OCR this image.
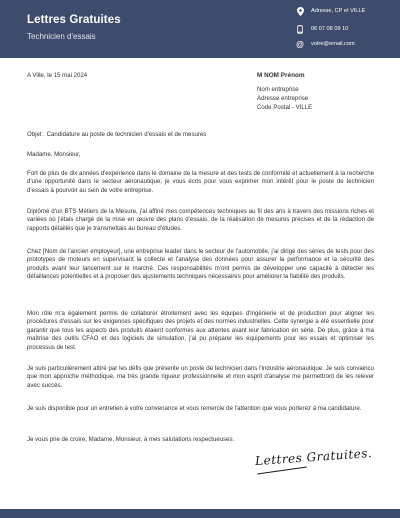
Lettres Gratuites
Technicien d'essais
Adresse, CP et VILLE
06 07 08 09 10
@ votre@email.com
A Ville, le 15 mai 2024	M NOM Prénom
Nom entreprise
Adresse entreprise
Code Postal - VILLE
Objet : Candidature au poste de technicien d'essais et de mesures
Madame, Monsieur,
Fort de plus de dix années d'expérience dans le domaine de la mesure et des tests de conformité et actuellement à la recherche d'une opportunité dans le secteur aéronautique, je vous écris pour vous exprimer mon intérêt pour le poste de technicien d'essais à pourvoir au sein de votre entreprise.
Diplômé d'un BTS Métiers de la Mesure, j'ai affiné mes compétences techniques au fil des ans à travers des missions riches et variées où j'étais chargé de la mise en œuvre des plans d'essais, de la réalisation de mesures précises et de la rédaction de rapports détaillés que je transmettais au bureau d'études.
Chez [Nom de l'ancien employeur], une entreprise leader dans le secteur de l'automobile, j'ai dirigé des séries de tests pour des prototypes de moteurs en supervisant la collecte et l'analyse des données pour assurer la performance et la sécurité des produits avant leur lancement sur le marché. Ces responsabilités m'ont permis de développer une capacité à détecter les défaillances potentielles et à proposer des ajustements techniques nécessaires pour améliorer la fiabilité des produits.
Mon rôle m'a également permis de collaborer étroitement avec les équipes d'ingénierie et de production pour aligner les procédures d'essais sur les exigences spécifiques des projets et des normes industrielles. Cette synergie a été essentielle pour garantir que tous les aspects des produits étaient conformes aux attentes avant leur fabrication en série. De plus, grâce à ma maîtrise des outils CFAO et des logiciels de simulation, j'ai pu préparer les équipements pour les essais et optimiser les processus de test.
Je suis particulièrement attiré par les défis que présente un poste de technicien dans l'industrie aéronautique. Je suis convaincu que mon approche méthodique, ma très grande rigueur professionnelle et mon esprit d'analyse me permettront de les relever avec succès.
Je suis disponible pour un entretien à votre convenance et vous remercie de l'attention que vous porterez à ma candidature.
Je vous prie de croire, Madame, Monsieur, à mes salutations respectueuses.
Lettres Gratuites.
